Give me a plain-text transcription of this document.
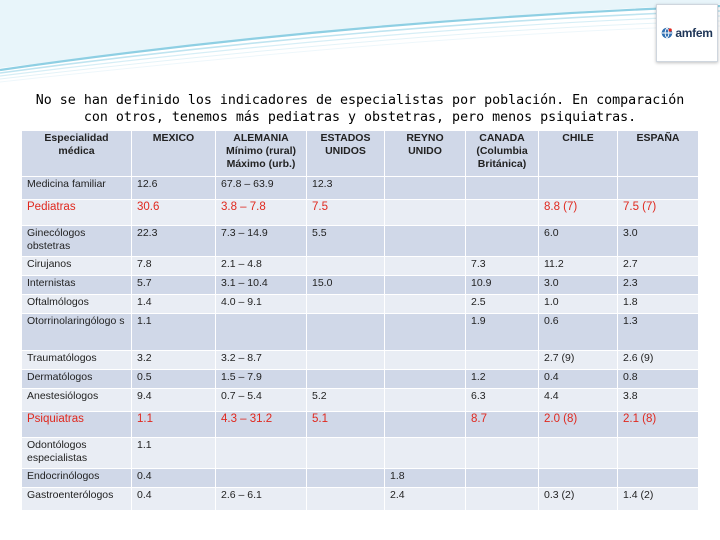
amfem
No se han definido los indicadores de especialistas por población. En comparación con otros, tenemos más pediatras y obstetras, pero menos psiquiatras.
Especialidad médica	MEXICO	ALEMANIA Mínimo (rural) Máximo (urb.)	ESTADOS UNIDOS	REYNO UNIDO	CANADA (Columbia Británica)	CHILE	ESPAÑA
Medicina familiar	12.6	67.8 – 63.9	12.3				
Pediatras	30.6	3.8 – 7.8	7.5			8.8 (7)	7.5 (7)
Ginecólogos obstetras	22.3	7.3 – 14.9	5.5			6.0	3.0
Cirujanos	7.8	2.1 – 4.8			7.3	11.2	2.7
Internistas	5.7	3.1 – 10.4	15.0		10.9	3.0	2.3
Oftalmólogos	1.4	4.0 – 9.1			2.5	1.0	1.8
Otorrinolaringólogo s	1.1				1.9	0.6	1.3
Traumatólogos	3.2	3.2 – 8.7				2.7 (9)	2.6 (9)
Dermatólogos	0.5	1.5 – 7.9			1.2	0.4	0.8
Anestesiólogos	9.4	0.7 – 5.4	5.2		6.3	4.4	3.8
Psiquiatras	1.1	4.3 – 31.2	5.1		8.7	2.0 (8)	2.1 (8)
Odontólogos especialistas	1.1						
Endocrinólogos	0.4			1.8			
Gastroenterólogos	0.4	2.6 – 6.1		2.4		0.3 (2)	1.4 (2)
